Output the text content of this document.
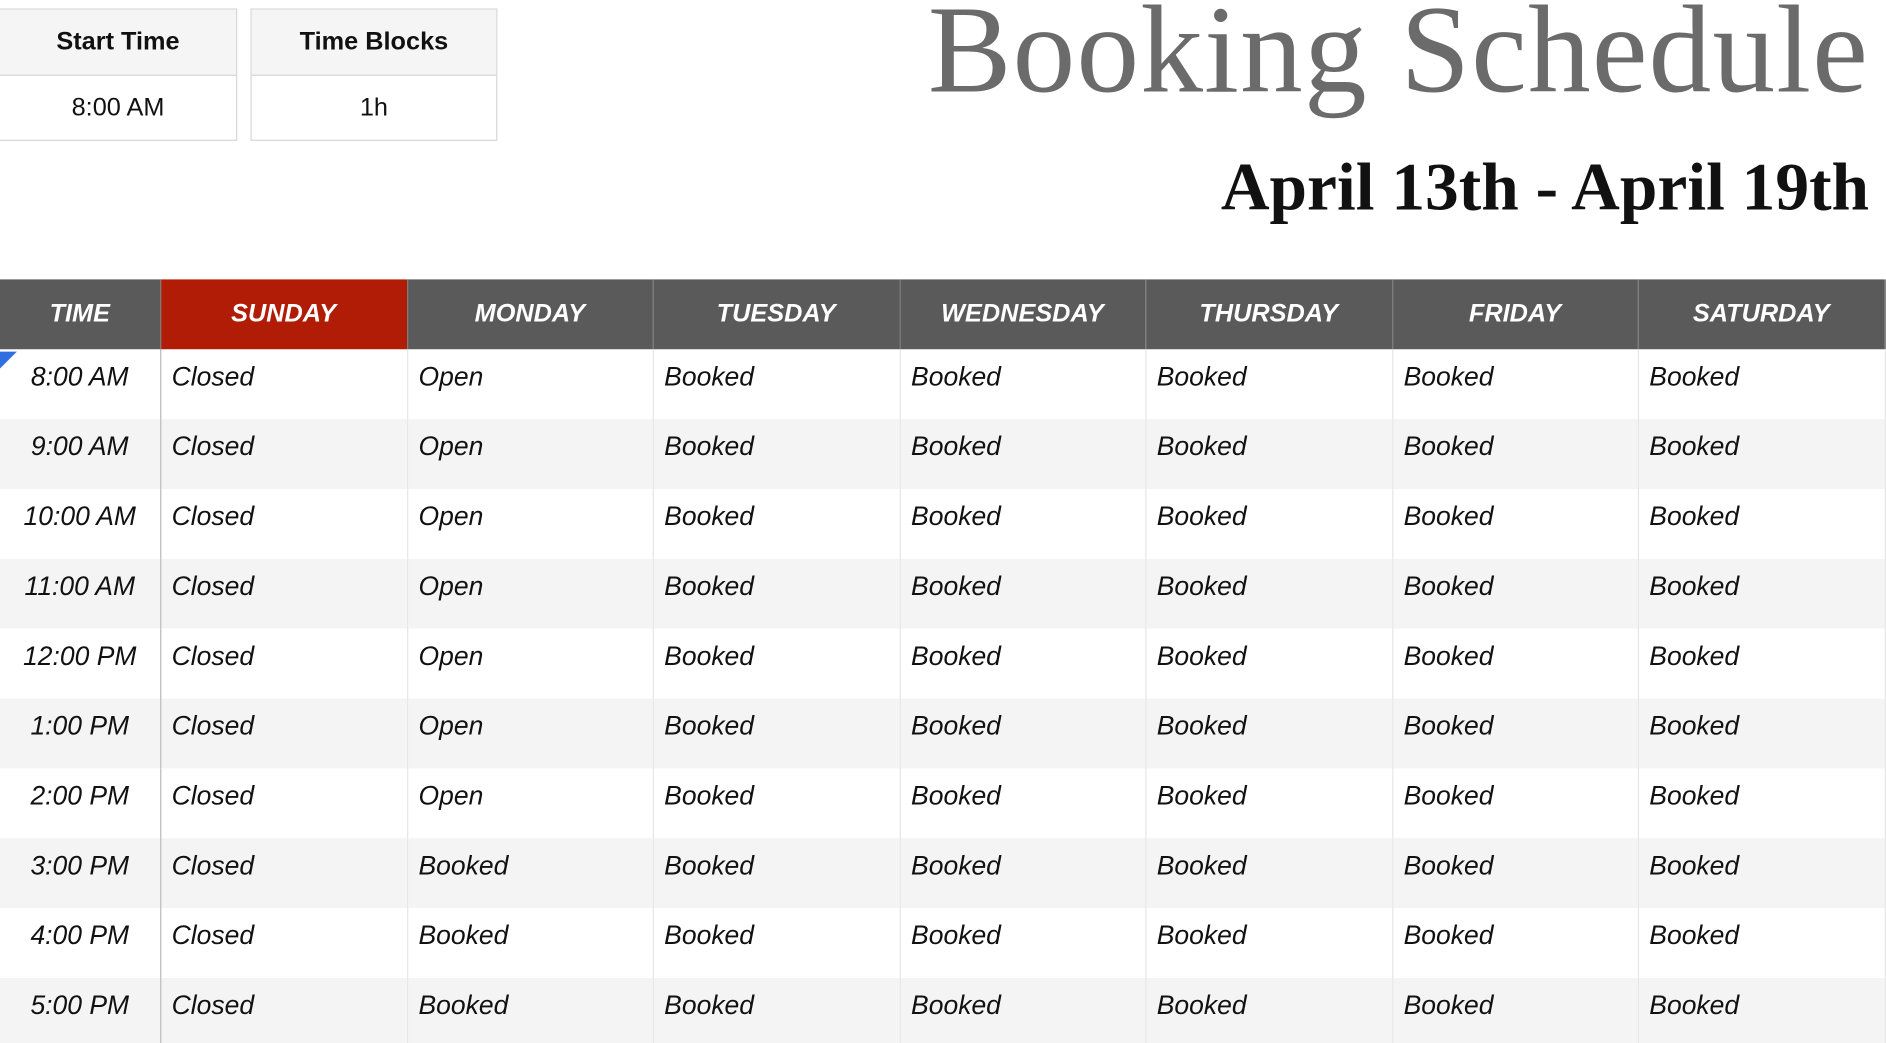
Start Time
8:00 AM
Time Blocks
1h	Booking Schedule
April 13th - April 19th
TIME	SUNDAY	MONDAY	TUESDAY	WEDNESDAY	THURSDAY	FRIDAY	SATURDAY
8:00 AM	Closed	Open	Booked	Booked	Booked	Booked	Booked
9:00 AM	Closed	Open	Booked	Booked	Booked	Booked	Booked
10:00 AM	Closed	Open	Booked	Booked	Booked	Booked	Booked
11:00 AM	Closed	Open	Booked	Booked	Booked	Booked	Booked
12:00 PM	Closed	Open	Booked	Booked	Booked	Booked	Booked
1:00 PM	Closed	Open	Booked	Booked	Booked	Booked	Booked
2:00 PM	Closed	Open	Booked	Booked	Booked	Booked	Booked
3:00 PM	Closed	Booked	Booked	Booked	Booked	Booked	Booked
4:00 PM	Closed	Booked	Booked	Booked	Booked	Booked	Booked
5:00 PM	Closed	Booked	Booked	Booked	Booked	Booked	Booked
